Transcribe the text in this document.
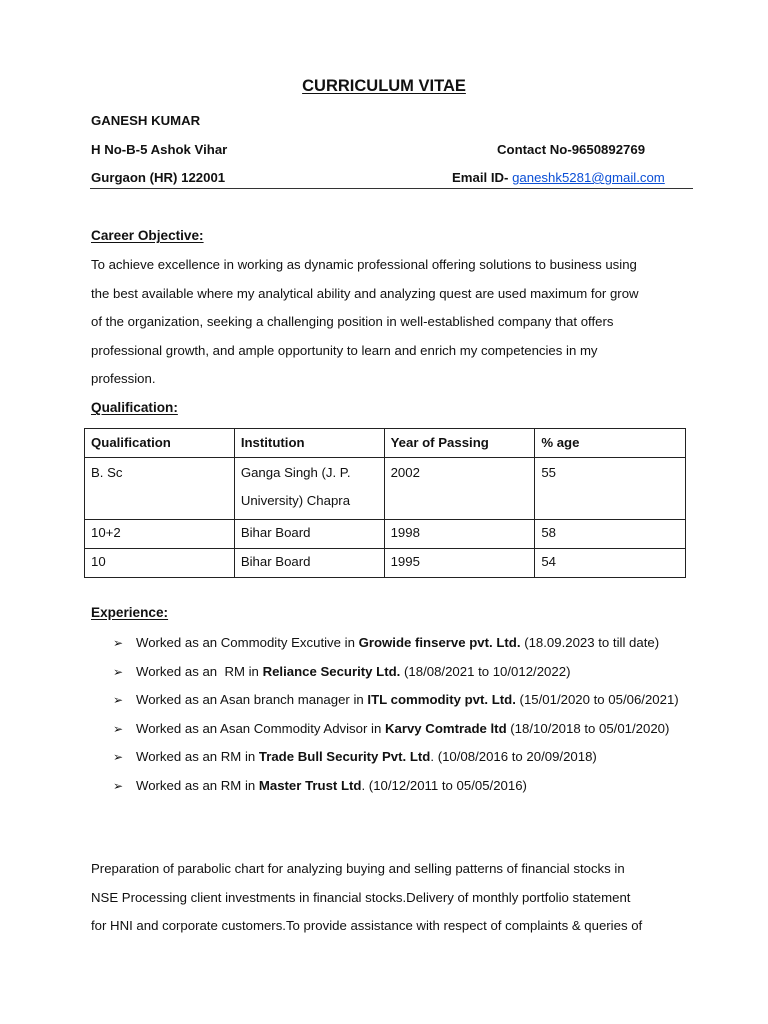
CURRICULUM VITAE
GANESH KUMAR
H No-B-5 Ashok Vihar
Gurgaon (HR) 122001
Contact No-9650892769
Email ID- ganeshk5281@gmail.com
Career Objective:
To achieve excellence in working as dynamic professional offering solutions to business using
the best available where my analytical ability and analyzing quest are used maximum for grow
of the organization, seeking a challenging position in well-established company that offers
professional growth, and ample opportunity to learn and enrich my competencies in my
profession.
Qualification:
Qualification	Institution	Year of Passing	% age
B. Sc	Ganga Singh (J. P.
University) Chapra	2002	55
10+2	Bihar Board	1998	58
10	Bihar Board	1995	54
Experience:
➢ Worked as an Commodity Excutive in Growide finserve pvt. Ltd. (18.09.2023 to till date)
➢ Worked as an  RM in Reliance Security Ltd. (18/08/2021 to 10/012/2022)
➢ Worked as an Asan branch manager in ITL commodity pvt. Ltd. (15/01/2020 to 05/06/2021)
➢ Worked as an Asan Commodity Advisor in Karvy Comtrade ltd (18/10/2018 to 05/01/2020)
➢ Worked as an RM in Trade Bull Security Pvt. Ltd. (10/08/2016 to 20/09/2018)
➢ Worked as an RM in Master Trust Ltd. (10/12/2011 to 05/05/2016)
Preparation of parabolic chart for analyzing buying and selling patterns of financial stocks in
NSE Processing client investments in financial stocks.Delivery of monthly portfolio statement
for HNI and corporate customers.To provide assistance with respect of complaints & queries of
